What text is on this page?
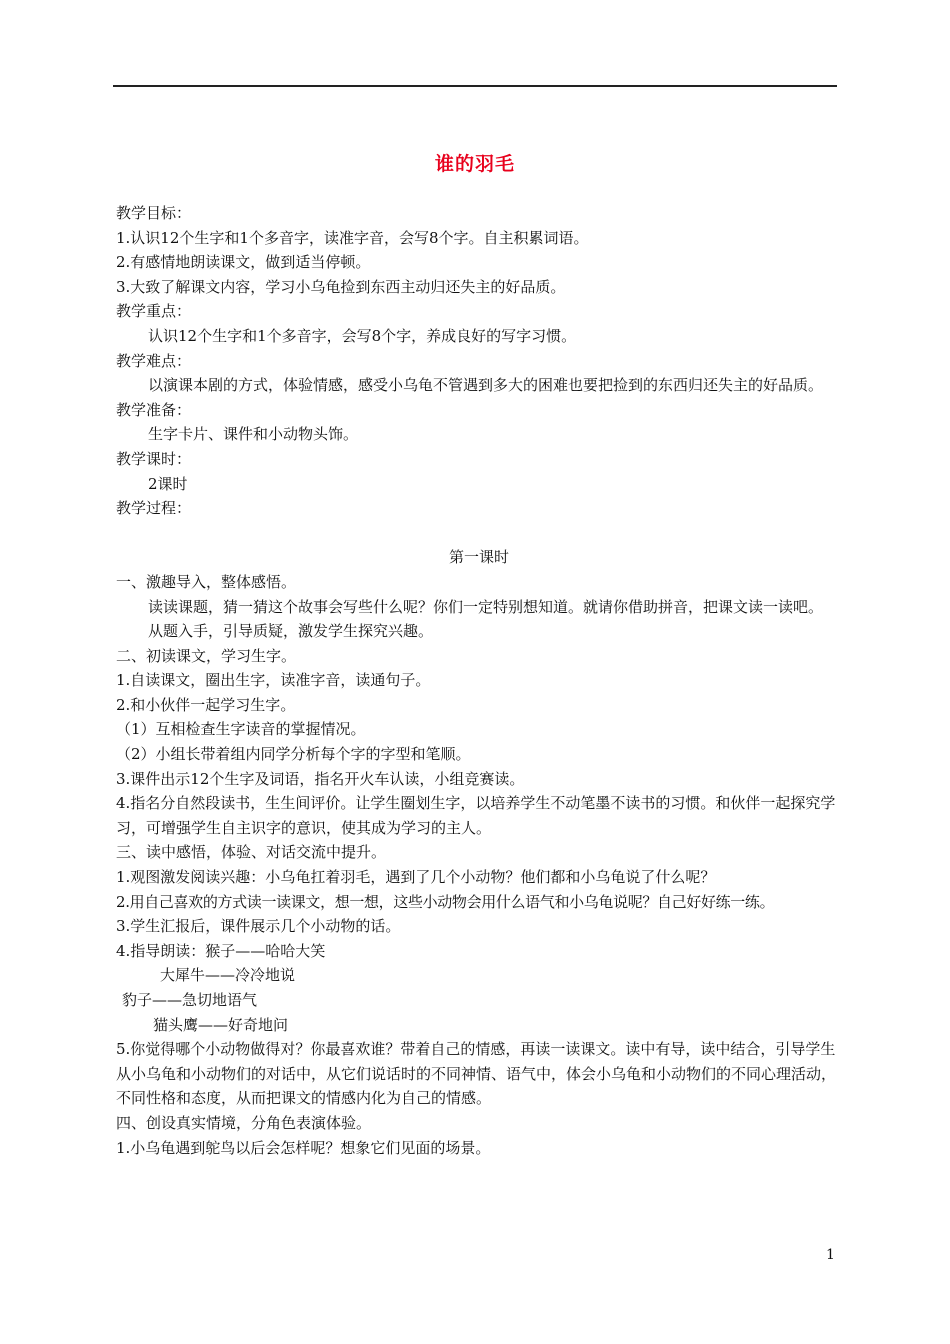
谁的羽毛
教学目标：
1.认识12个生字和1个多音字，读准字音，会写8个字。自主积累词语。
2.有感情地朗读课文，做到适当停顿。
3.大致了解课文内容，学习小乌龟捡到东西主动归还失主的好品质。
教学重点：
认识12个生字和1个多音字，会写8个字，养成良好的写字习惯。
教学难点：
以演课本剧的方式，体验情感，感受小乌龟不管遇到多大的困难也要把捡到的东西归还失主的好品质。
教学准备：
生字卡片、课件和小动物头饰。
教学课时：
2课时
教学过程：
第一课时
一、激趣导入，整体感悟。
读读课题，猜一猜这个故事会写些什么呢？你们一定特别想知道。就请你借助拼音，把课文读一读吧。
从题入手，引导质疑，激发学生探究兴趣。
二、初读课文，学习生字。
1.自读课文，圈出生字，读准字音，读通句子。
2.和小伙伴一起学习生字。
（1）互相检查生字读音的掌握情况。
（2）小组长带着组内同学分析每个字的字型和笔顺。
3.课件出示12个生字及词语，指名开火车认读，小组竞赛读。
4.指名分自然段读书，生生间评价。让学生圈划生字，以培养学生不动笔墨不读书的习惯。和伙伴一起探究学习，可增强学生自主识字的意识，使其成为学习的主人。
三、读中感悟，体验、对话交流中提升。
1.观图激发阅读兴趣：小乌龟扛着羽毛，遇到了几个小动物？他们都和小乌龟说了什么呢？
2.用自己喜欢的方式读一读课文，想一想，这些小动物会用什么语气和小乌龟说呢？自己好好练一练。
3.学生汇报后，课件展示几个小动物的话。
4.指导朗读：猴子——哈哈大笑
大犀牛——冷冷地说
豹子——急切地语气
猫头鹰——好奇地问
5.你觉得哪个小动物做得对？你最喜欢谁？带着自己的情感，再读一读课文。读中有导，读中结合，引导学生从小乌龟和小动物们的对话中，从它们说话时的不同神情、语气中，体会小乌龟和小动物们的不同心理活动，不同性格和态度，从而把课文的情感内化为自己的情感。
四、创设真实情境，分角色表演体验。
1.小乌龟遇到鸵鸟以后会怎样呢？想象它们见面的场景。
1
